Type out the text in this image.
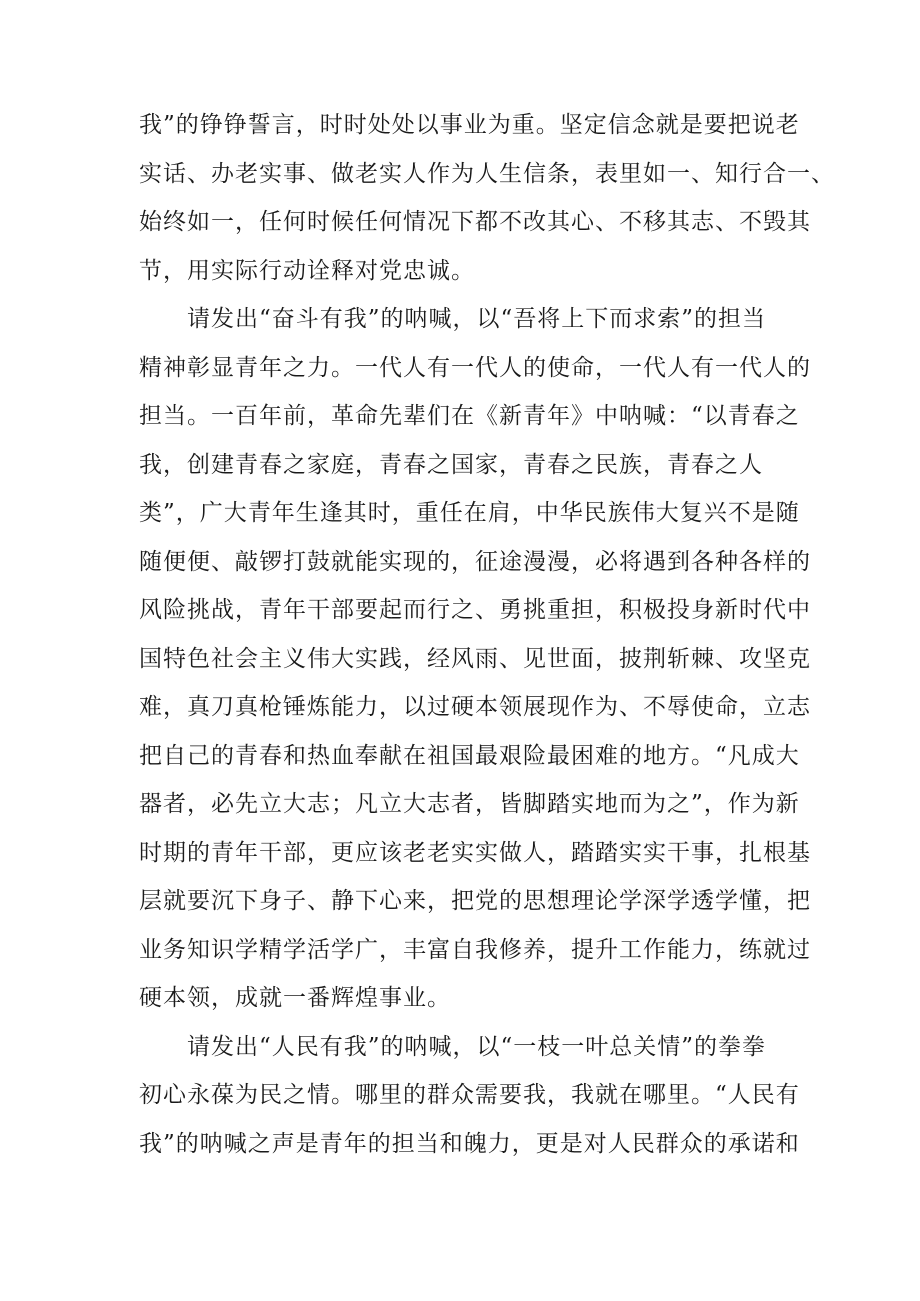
我”的铮铮誓言，时时处处以事业为重。坚定信念就是要把说老
实话、办老实事、做老实人作为人生信条，表里如一、知行合一、
始终如一，任何时候任何情况下都不改其心、不移其志、不毁其
节，用实际行动诠释对党忠诚。
请发出“奋斗有我”的呐喊，以“吾将上下而求索”的担当
精神彰显青年之力。一代人有一代人的使命，一代人有一代人的
担当。一百年前，革命先辈们在《新青年》中呐喊：“以青春之
我，创建青春之家庭，青春之国家，青春之民族，青春之人
类”，广大青年生逢其时，重任在肩，中华民族伟大复兴不是随
随便便、敲锣打鼓就能实现的，征途漫漫，必将遇到各种各样的
风险挑战，青年干部要起而行之、勇挑重担，积极投身新时代中
国特色社会主义伟大实践，经风雨、见世面，披荆斩棘、攻坚克
难，真刀真枪锤炼能力，以过硬本领展现作为、不辱使命，立志
把自己的青春和热血奉献在祖国最艰险最困难的地方。“凡成大
器者，必先立大志；凡立大志者，皆脚踏实地而为之”，作为新
时期的青年干部，更应该老老实实做人，踏踏实实干事，扎根基
层就要沉下身子、静下心来，把党的思想理论学深学透学懂，把
业务知识学精学活学广，丰富自我修养，提升工作能力，练就过
硬本领，成就一番辉煌事业。
请发出“人民有我”的呐喊，以“一枝一叶总关情”的拳拳
初心永葆为民之情。哪里的群众需要我，我就在哪里。“人民有
我”的呐喊之声是青年的担当和魄力，更是对人民群众的承诺和
